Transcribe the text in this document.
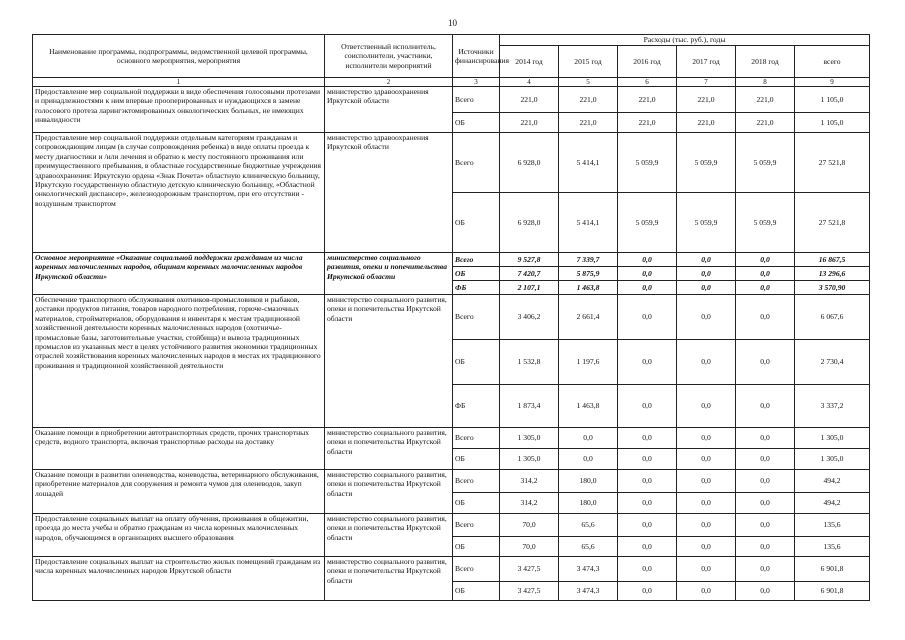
10
Наименование программы, подпрограммы, ведомственной целевой программы, основного мероприятия, мероприятия	Ответственный исполнитель, соисполнители, участники, исполнители мероприятий	Источники финансирования	Расходы (тыс. руб.), годы					
			2014 год	2015 год	2016 год	2017 год	2018 год	всего
1	2	3	4	5	6	7	8	9
Предоставление мер социальной поддержки в виде обеспечения голосовыми протезами и принадлежностями к ним впервые прооперированных и нуждающихся в замене голосового протеза ларингэктомированных онкологических больных, не имеющих инвалидности	министерство здравоохранения Иркутской области	Всего	221,0	221,0	221,0	221,0	221,0	1 105,0
		ОБ	221,0	221,0	221,0	221,0	221,0	1 105,0
Предоставление мер социальной поддержки отдельным категориям гражданам и сопровождающим лицам (в случае сопровождения ребенка) в виде оплаты проезда к месту диагностики и /или лечения и обратно к месту постоянного проживания или преимущественного пребывания, в областные государственные бюджетные учреждения здравоохранения: Иркутскую ордена «Знак Почета» областную клиническую больницу, Иркутскую государственную областную детскую клиническую больницу, «Областной онкологический диспансер», железнодорожным транспортом, при его отсутствии - воздушным транспортом	министерство здравоохранения Иркутской области	Всего	6 928,0	5 414,1	5 059,9	5 059,9	5 059,9	27 521,8
		ОБ	6 928,0	5 414,1	5 059,9	5 059,9	5 059,9	27 521,8
Основное мероприятие «Оказание социальной поддержки гражданам из числа коренных малочисленных народов, общинам коренных малочисленных народов Иркутской области»	министерство социального развития, опеки и попечительства Иркутской области	Всего	9 527,8	7 339,7	0,0	0,0	0,0	16 867,5
		ОБ	7 420,7	5 875,9	0,0	0,0	0,0	13 296,6
		ФБ	2 107,1	1 463,8	0,0	0,0	0,0	3 570,90
Обеспечение транспортного обслуживания охотников-промысловиков и рыбаков, доставки продуктов питания, товаров народного потребления, горюче-смазочных материалов, стройматериалов, оборудования и инвентаря к местам традиционной хозяйственной деятельности коренных малочисленных народов (охотничье-промысловые базы, заготовительные участки, стойбища) и вывоза традиционных промыслов из указанных мест в целях устойчивого развития экономики традиционных отраслей хозяйствования коренных малочисленных народов в местах их традиционного проживания и традиционной хозяйственной деятельности	министерство социального развития, опеки и попечительства Иркутской области	Всего	3 406,2	2 661,4	0,0	0,0	0,0	6 067,6
		ОБ	1 532,8	1 197,6	0,0	0,0	0,0	2 730,4
		ФБ	1 873,4	1 463,8	0,0	0,0	0,0	3 337,2
Оказание помощи в приобретении автотранспортных средств, прочих транспортных средств, водного транспорта, включая транспортные расходы на доставку	министерство социального развития, опеки и попечительства Иркутской области	Всего	1 305,0	0,0	0,0	0,0	0,0	1 305,0
		ОБ	1 305,0	0,0	0,0	0,0	0,0	1 305,0
Оказание помощи в развитии оленеводства, коневодства, ветеринарного обслуживания, приобретение материалов для сооружения и ремонта чумов для оленеводов, закуп лошадей	министерство социального развития, опеки и попечительства Иркутской области	Всего	314,2	180,0	0,0	0,0	0,0	494,2
		ОБ	314,2	180,0	0,0	0,0	0,0	494,2
Предоставление социальных выплат на оплату обучения, проживания в общежитии, проезда до места учебы и обратно гражданам из числа коренных малочисленных народов, обучающимся в организациях высшего образования	министерство социального развития, опеки и попечительства Иркутской области	Всего	70,0	65,6	0,0	0,0	0,0	135,6
		ОБ	70,0	65,6	0,0	0,0	0,0	135,6
Предоставление социальных выплат на строительство жилых помещений гражданам из числа коренных малочисленных народов Иркутской области	министерство социального развития, опеки и попечительства Иркутской области	Всего	3 427,5	3 474,3	0,0	0,0	0,0	6 901,8
		ОБ	3 427,5	3 474,3	0,0	0,0	0,0	6 901,8
